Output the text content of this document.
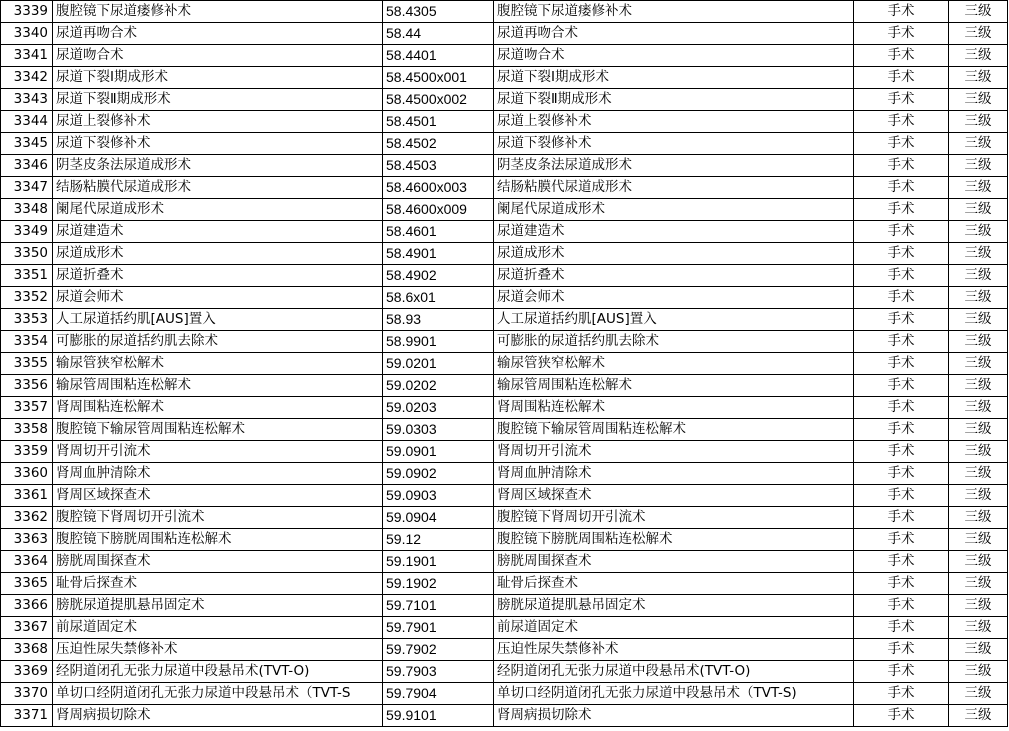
3339	腹腔镜下尿道瘘修补术	58.4305	腹腔镜下尿道瘘修补术	手术	三级
3340	尿道再吻合术	58.44	尿道再吻合术	手术	三级
3341	尿道吻合术	58.4401	尿道吻合术	手术	三级
3342	尿道下裂Ⅰ期成形术	58.4500x001	尿道下裂Ⅰ期成形术	手术	三级
3343	尿道下裂Ⅱ期成形术	58.4500x002	尿道下裂Ⅱ期成形术	手术	三级
3344	尿道上裂修补术	58.4501	尿道上裂修补术	手术	三级
3345	尿道下裂修补术	58.4502	尿道下裂修补术	手术	三级
3346	阴茎皮条法尿道成形术	58.4503	阴茎皮条法尿道成形术	手术	三级
3347	结肠粘膜代尿道成形术	58.4600x003	结肠粘膜代尿道成形术	手术	三级
3348	阑尾代尿道成形术	58.4600x009	阑尾代尿道成形术	手术	三级
3349	尿道建造术	58.4601	尿道建造术	手术	三级
3350	尿道成形术	58.4901	尿道成形术	手术	三级
3351	尿道折叠术	58.4902	尿道折叠术	手术	三级
3352	尿道会师术	58.6x01	尿道会师术	手术	三级
3353	人工尿道括约肌[AUS]置入	58.93	人工尿道括约肌[AUS]置入	手术	三级
3354	可膨胀的尿道括约肌去除术	58.9901	可膨胀的尿道括约肌去除术	手术	三级
3355	输尿管狭窄松解术	59.0201	输尿管狭窄松解术	手术	三级
3356	输尿管周围粘连松解术	59.0202	输尿管周围粘连松解术	手术	三级
3357	肾周围粘连松解术	59.0203	肾周围粘连松解术	手术	三级
3358	腹腔镜下输尿管周围粘连松解术	59.0303	腹腔镜下输尿管周围粘连松解术	手术	三级
3359	肾周切开引流术	59.0901	肾周切开引流术	手术	三级
3360	肾周血肿清除术	59.0902	肾周血肿清除术	手术	三级
3361	肾周区域探查术	59.0903	肾周区域探查术	手术	三级
3362	腹腔镜下肾周切开引流术	59.0904	腹腔镜下肾周切开引流术	手术	三级
3363	腹腔镜下膀胱周围粘连松解术	59.12	腹腔镜下膀胱周围粘连松解术	手术	三级
3364	膀胱周围探查术	59.1901	膀胱周围探查术	手术	三级
3365	耻骨后探查术	59.1902	耻骨后探查术	手术	三级
3366	膀胱尿道提肌悬吊固定术	59.7101	膀胱尿道提肌悬吊固定术	手术	三级
3367	前尿道固定术	59.7901	前尿道固定术	手术	三级
3368	压迫性尿失禁修补术	59.7902	压迫性尿失禁修补术	手术	三级
3369	经阴道闭孔无张力尿道中段悬吊术(TVT-O)	59.7903	经阴道闭孔无张力尿道中段悬吊术(TVT-O)	手术	三级
3370	单切口经阴道闭孔无张力尿道中段悬吊术（TVT-S	59.7904	单切口经阴道闭孔无张力尿道中段悬吊术（TVT-S)	手术	三级
3371	肾周病损切除术	59.9101	肾周病损切除术	手术	三级
